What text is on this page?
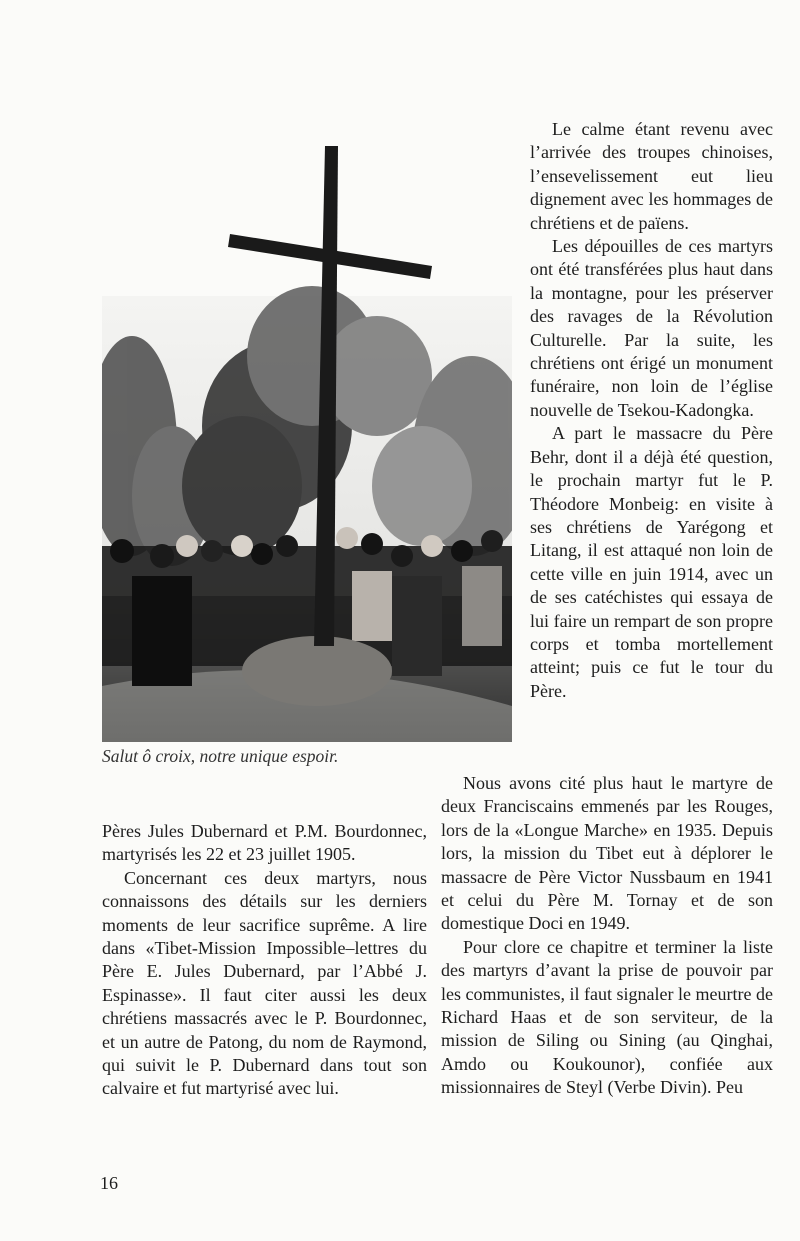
Salut ô croix, notre unique espoir.

Le calme étant revenu avec l’arrivée des troupes chinoises, l’ensevelissement eut lieu dignement avec les hommages de chrétiens et de païens.

Les dépouilles de ces martyrs ont été transférées plus haut dans la montagne, pour les préserver des ravages de la Révolution Culturelle. Par la suite, les chrétiens ont érigé un monument funéraire, non loin de l’église nouvelle de Tsekou-Kadongka.

A part le massacre du Père Behr, dont il a déjà été question, le prochain martyr fut le P. Théodore Monbeig: en visite à ses chrétiens de Yarégong et Litang, il est attaqué non loin de cette ville en juin 1914, avec un de ses catéchistes qui essaya de lui faire un rempart de son propre corps et tomba mortellement atteint; puis ce fut le tour du Père.

Nous avons cité plus haut le martyre de deux Franciscains emmenés par les Rouges, lors de la «Longue Marche» en 1935. Depuis lors, la mission du Tibet eut à déplorer le massacre de Père Victor Nussbaum en 1941 et celui du Père M. Tornay et de son domestique Doci en 1949.

Pour clore ce chapitre et terminer la liste des martyrs d’avant la prise de pouvoir par les communistes, il faut signaler le meurtre de Richard Haas et de son serviteur, de la mission de Siling ou Sining (au Qinghai, Amdo ou Koukounor), confiée aux missionnaires de Steyl (Verbe Divin). Peu

Pères Jules Dubernard et P.M. Bourdonnec, martyrisés les 22 et 23 juillet 1905.

Concernant ces deux martyrs, nous connaissons des détails sur les derniers moments de leur sacrifice suprême. A lire dans «Tibet-Mission Impossible–lettres du Père E. Jules Dubernard, par l’Abbé J. Espinasse». Il faut citer aussi les deux chrétiens massacrés avec le P. Bourdonnec, et un autre de Patong, du nom de Raymond, qui suivit le P. Dubernard dans tout son calvaire et fut martyrisé avec lui.

16
